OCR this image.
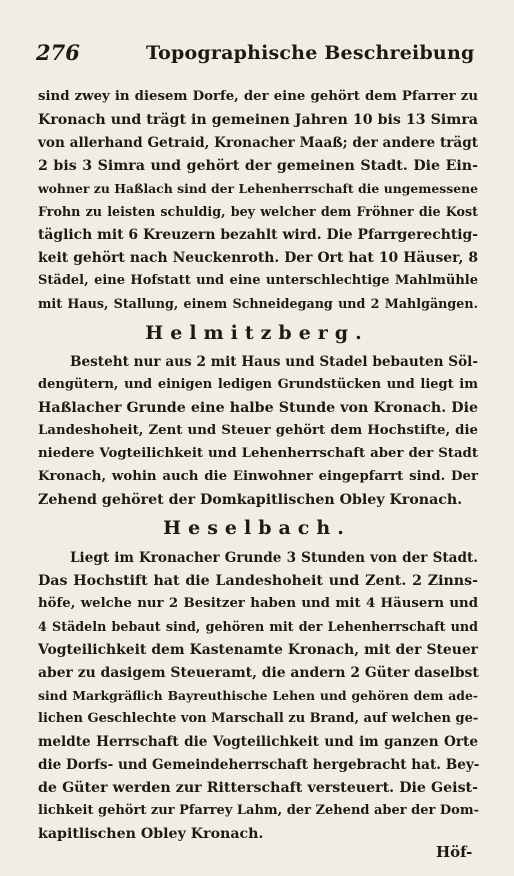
276	Topographische Beschreibung
sind zwey in diesem Dorfe, der eine gehört dem Pfarrer zu
Kronach und trägt in gemeinen Jahren 10 bis 13 Simra
von allerhand Getraid, Kronacher Maaß; der andere trägt
2 bis 3 Simra und gehört der gemeinen Stadt. Die Ein-
wohner zu Haßlach sind der Lehenherrschaft die ungemessene
Frohn zu leisten schuldig, bey welcher dem Fröhner die Kost
täglich mit 6 Kreuzern bezahlt wird. Die Pfarrgerechtig-
keit gehört nach Neuckenroth. Der Ort hat 10 Häuser, 8
Städel, eine Hofstatt und eine unterschlechtige Mahlmühle
mit Haus, Stallung, einem Schneidegang und 2 Mahlgängen.
Helmitzberg.
Besteht nur aus 2 mit Haus und Stadel bebauten Söl-
dengütern, und einigen ledigen Grundstücken und liegt im
Haßlacher Grunde eine halbe Stunde von Kronach. Die
Landeshoheit, Zent und Steuer gehört dem Hochstifte, die
niedere Vogteilichkeit und Lehenherrschaft aber der Stadt
Kronach, wohin auch die Einwohner eingepfarrt sind. Der
Zehend gehöret der Domkapitlischen Obley Kronach.
Heselbach.
Liegt im Kronacher Grunde 3 Stunden von der Stadt.
Das Hochstift hat die Landeshoheit und Zent. 2 Zinns-
höfe, welche nur 2 Besitzer haben und mit 4 Häusern und
4 Städeln bebaut sind, gehören mit der Lehenherrschaft und
Vogteilichkeit dem Kastenamte Kronach, mit der Steuer
aber zu dasigem Steueramt, die andern 2 Güter daselbst
sind Markgräflich Bayreuthische Lehen und gehören dem ade-
lichen Geschlechte von Marschall zu Brand, auf welchen ge-
meldte Herrschaft die Vogteilichkeit und im ganzen Orte
die Dorfs- und Gemeindeherrschaft hergebracht hat. Bey-
de Güter werden zur Ritterschaft versteuert. Die Geist-
lichkeit gehört zur Pfarrey Lahm, der Zehend aber der Dom-
kapitlischen Obley Kronach.
Höf-
